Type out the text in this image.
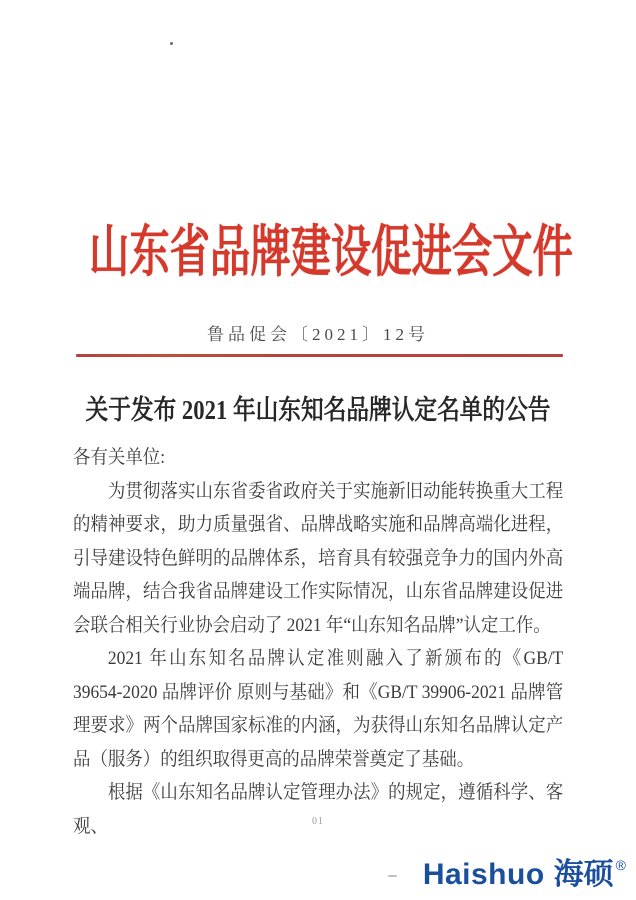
山东省品牌建设促进会文件
鲁品促会〔2021〕12号
关于发布 2021 年山东知名品牌认定名单的公告

各有关单位:

为贯彻落实山东省委省政府关于实施新旧动能转换重大工程的精神要求，助力质量强省、品牌战略实施和品牌高端化进程，引导建设特色鲜明的品牌体系，培育具有较强竞争力的国内外高端品牌，结合我省品牌建设工作实际情况，山东省品牌建设促进会联合相关行业协会启动了 2021 年“山东知名品牌”认定工作。

2021 年山东知名品牌认定准则融入了新颁布的《GB/T 39654-2020 品牌评价 原则与基础》和《GB/T 39906-2021 品牌管理要求》两个品牌国家标准的内涵，为获得山东知名品牌认定产品（服务）的组织取得更高的品牌荣誉奠定了基础。

根据《山东知名品牌认定管理办法》的规定，遵循科学、客观、	01
Haishuo 海硕 ®
